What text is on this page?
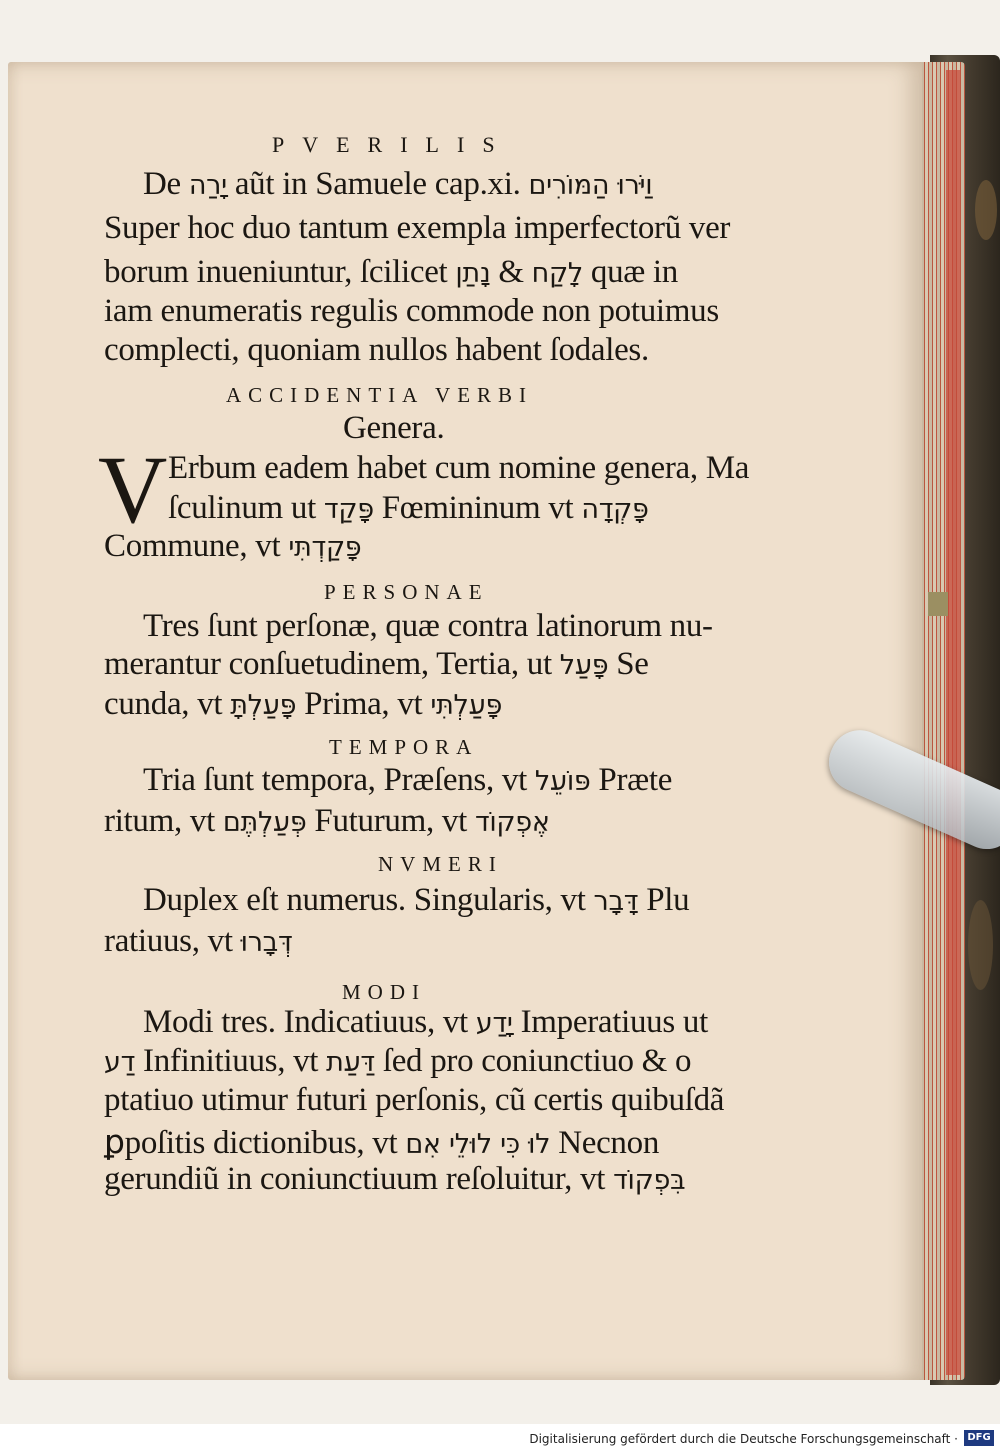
PVERILIS
De יָרַה aũt in Samuele cap.xi. וַיֹּרוּ הַמּוֹרִים
Super hoc duo tantum exempla imperfectorũ ver
borum inueniuntur, ſcilicet נָתַן & לָקַח quæ in
iam enumeratis regulis commode non potuimus
complecti, quoniam nullos habent ſodales.
ACCIDENTIA VERBI
Genera.
V Erbum eadem habet cum nomine genera, Ma
ſculinum ut פָּקַד Fœmininum vt פָּקְדָה
Commune, vt פָּקַדְתִּי
PERSONAE
Tres ſunt perſonæ, quæ contra latinorum nu-
merantur conſuetudinem, Tertia, ut פָּעַל Se
cunda, vt פָּעַלְתָּ Prima, vt פָּעַלְתִּי
TEMPORA
Tria ſunt tempora, Præſens, vt פּוֹעֵל Præte
ritum, vt פְּעַלְתֶּם Futurum, vt אֶפְקוֹד
NVMERI
Duplex eſt numerus. Singularis, vt דָּבָר Plu
ratiuus, vt דְּבָרוּ
MODI
Modi tres. Indicatiuus, vt יָדַע Imperatiuus ut
דַע Infinitiuus, vt דַּעַת ſed pro coniunctiuo & o
ptatiuo utimur futuri perſonis, cũ certis quibuſdã
ꝑpoſitis dictionibus, vt לוּ כִּי לוּלֵי אִם Necnon
gerundiũ in coniunctiuum reſoluitur, vt בִּפְקוֹד
Digitalisierung gefördert durch die Deutsche Forschungsgemeinschaft · DFG
